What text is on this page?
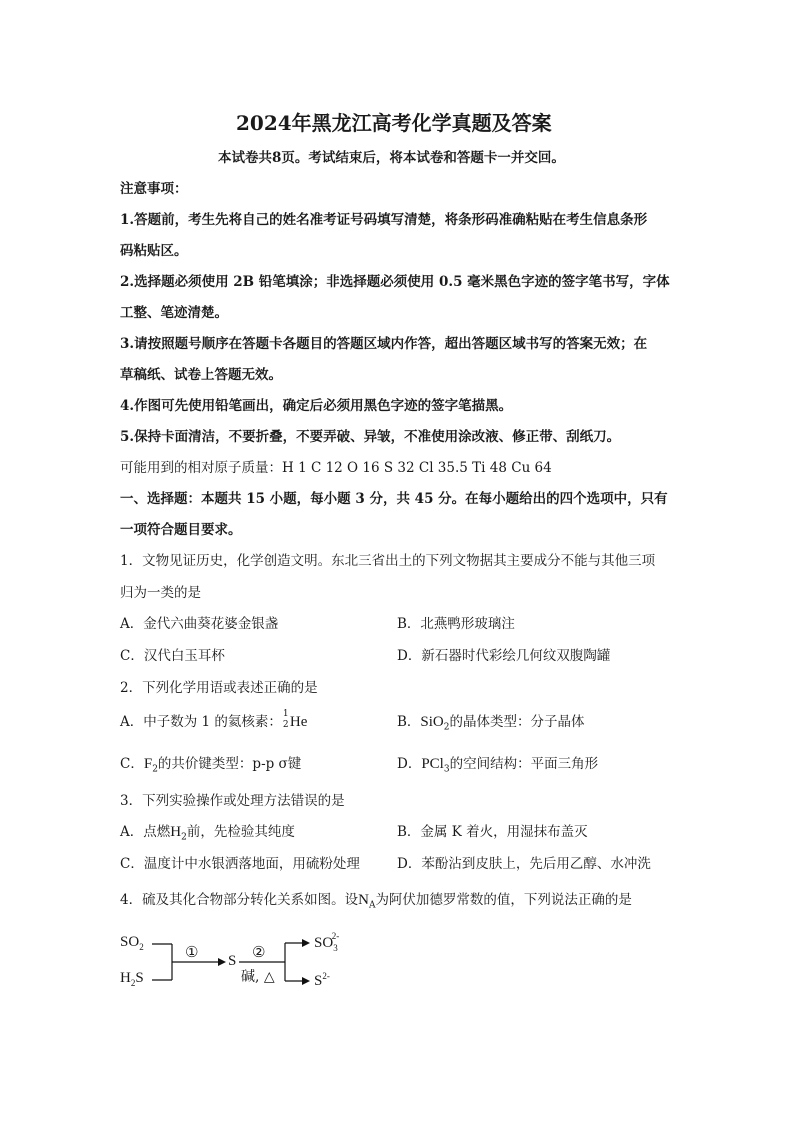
2024年黑龙江高考化学真题及答案
本试卷共8页。考试结束后，将本试卷和答题卡一并交回。
注意事项：
1.答题前，考生先将自己的姓名准考证号码填写清楚，将条形码准确粘贴在考生信息条形
码粘贴区。
2.选择题必须使用 2B 铅笔填涂；非选择题必须使用 0.5 毫米黑色字迹的签字笔书写，字体
工整、笔迹清楚。
3.请按照题号顺序在答题卡各题目的答题区域内作答，超出答题区域书写的答案无效；在
草稿纸、试卷上答题无效。
4.作图可先使用铅笔画出，确定后必须用黑色字迹的签字笔描黑。
5.保持卡面清洁，不要折叠，不要弄破、异皱，不准使用涂改液、修正带、刮纸刀。
可能用到的相对原子质量：H 1 C 12 O 16 S 32 Cl 35.5 Ti 48 Cu 64
一、选择题：本题共 15 小题，每小题 3 分，共 45 分。在每小题给出的四个选项中，只有
一项符合题目要求。
1．文物见证历史，化学创造文明。东北三省出土的下列文物据其主要成分不能与其他三项
归为一类的是
A．金代六曲葵花婆金银盏	B．北燕鸭形玻璃注
C．汉代白玉耳杯	D．新石器时代彩绘几何纹双腹陶罐
2．下列化学用语或表述正确的是
A．中子数为 1 的氦核素：
1
2 He	B．SiO$_2$的晶体类型：分子晶体
C．$F_2$的共价键类型：p-p σ键	D．PCl$_3$的空间结构：平面三角形
3．下列实验操作或处理方法错误的是
A．点燃$H_2$前，先检验其纯度	B．金属 K 着火，用湿抹布盖灭
C．温度计中水银洒落地面，用硫粉处理	D．苯酚沾到皮肤上，先后用乙醇、水冲洗
4．硫及其化合物部分转化关系如图。设$N_A$为阿伏加德罗常数的值，下列说法正确的是
$SO_2$
$H_2S$
① S ②
碱, △
$SO_3^{2-}$
$S^{2-}$
